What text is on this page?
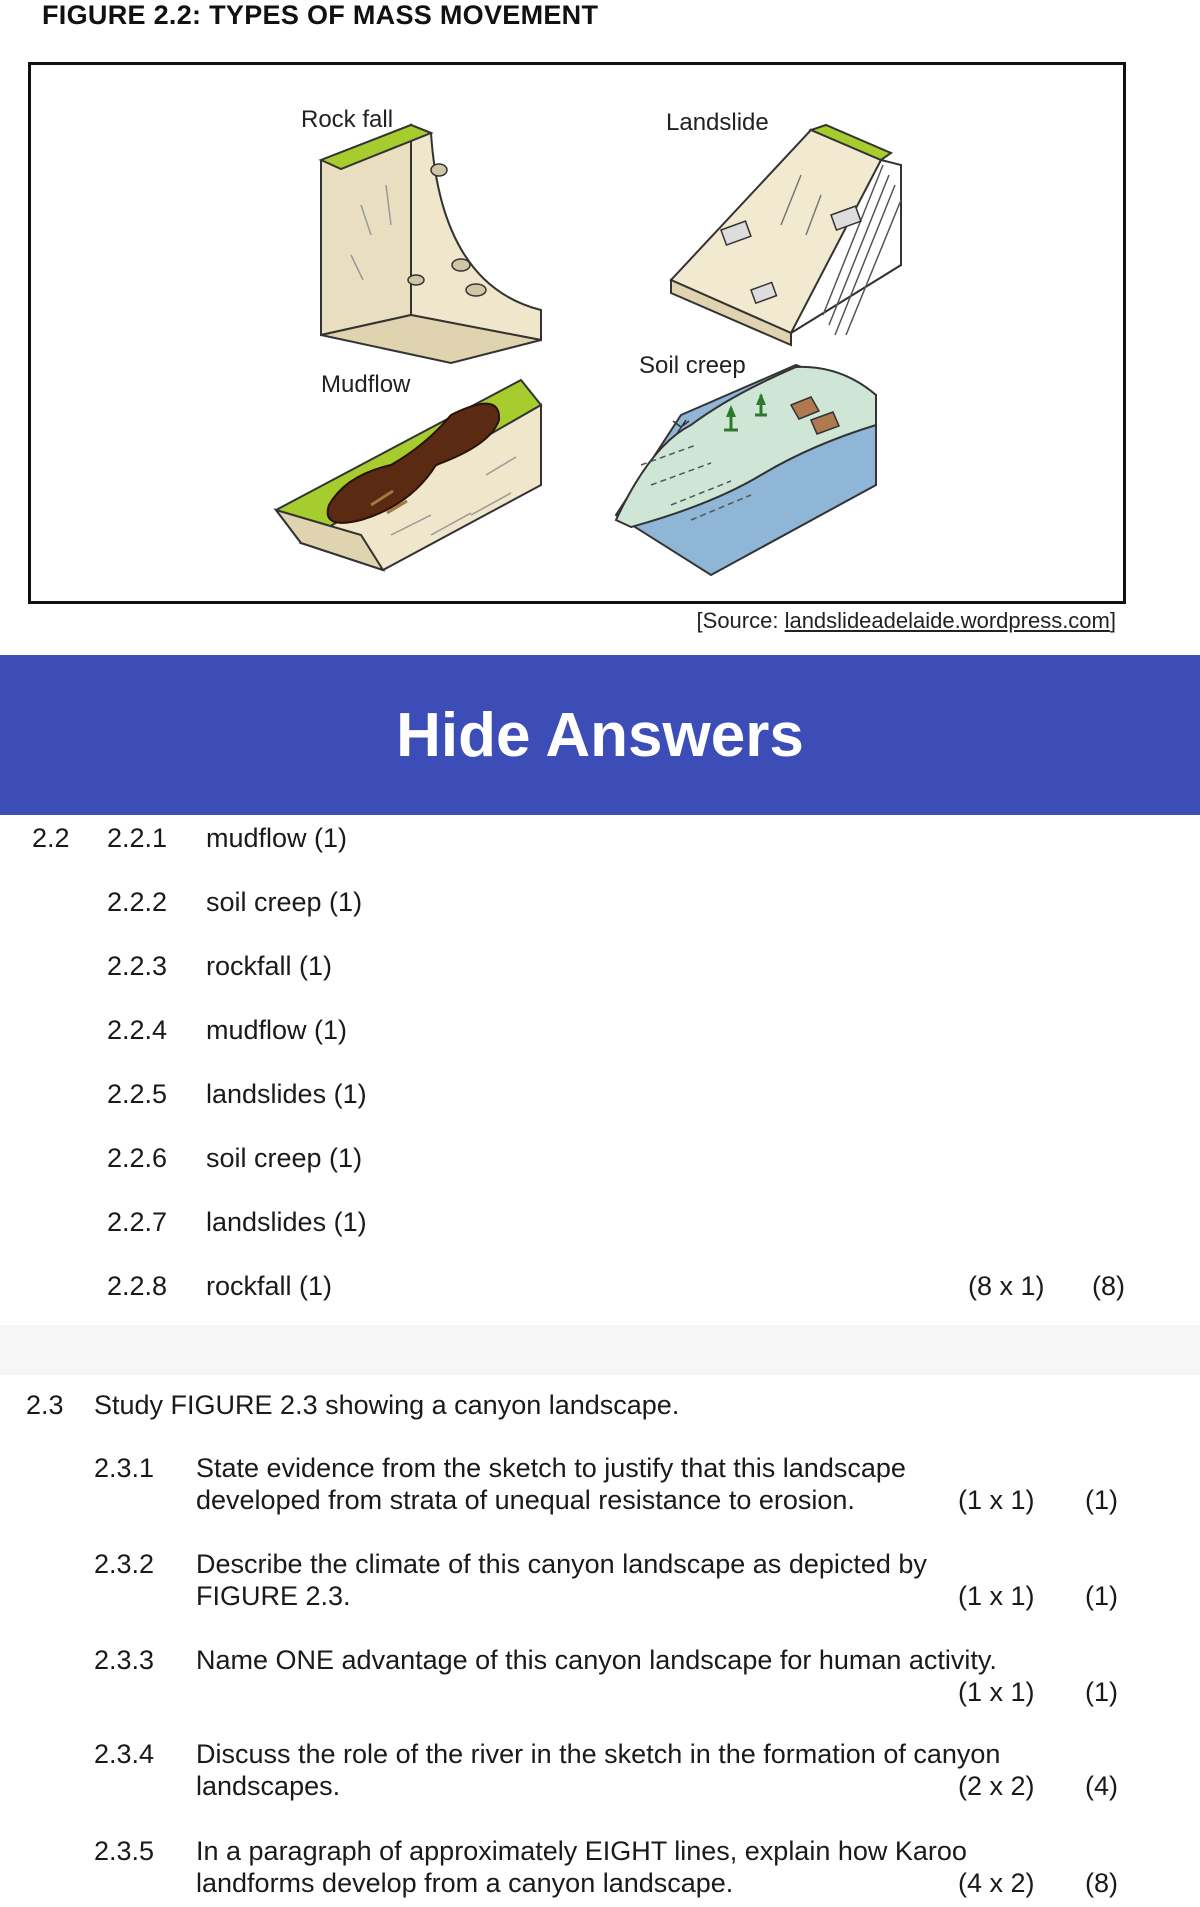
FIGURE 2.2: TYPES OF MASS MOVEMENT
Rock fall	Landslide
Mudflow
Soil creep
[Source: landslideadelaide.wordpress.com]
Hide Answers
2.2 2.2.1 mudflow (1)
2.2.2 soil creep (1)
2.2.3 rockfall (1)
2.2.4 mudflow (1)
2.2.5 landslides (1)
2.2.6 soil creep (1)
2.2.7 landslides (1)
2.2.8 rockfall (1)	(8 x 1) (8)
2.3 Study FIGURE 2.3 showing a canyon landscape.
2.3.1 State evidence from the sketch to justify that this landscape
developed from strata of unequal resistance to erosion.	(1 x 1) (1)
2.3.2 Describe the climate of this canyon landscape as depicted by
FIGURE 2.3.	(1 x 1) (1)
2.3.3 Name ONE advantage of this canyon landscape for human activity.
(1 x 1) (1)
2.3.4 Discuss the role of the river in the sketch in the formation of canyon
landscapes.	(2 x 2) (4)
2.3.5 In a paragraph of approximately EIGHT lines, explain how Karoo
landforms develop from a canyon landscape.	(4 x 2) (8)
